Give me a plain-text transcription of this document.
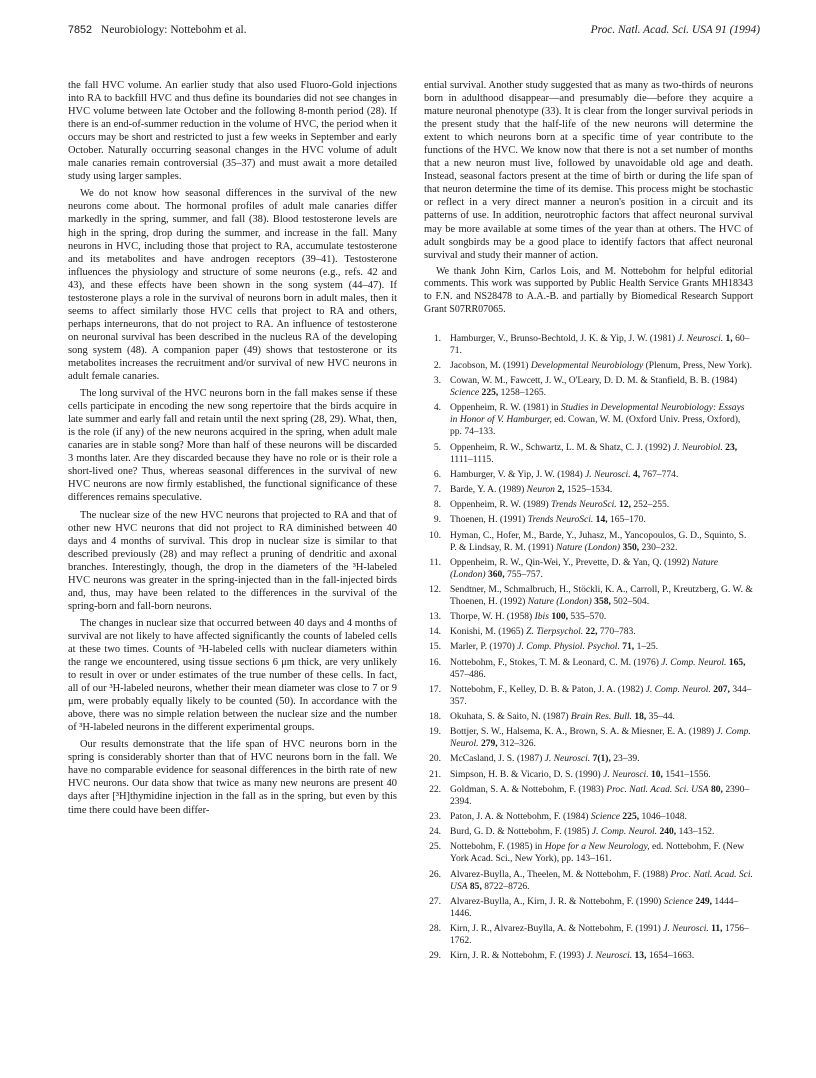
7852 Neurobiology: Nottebohm et al.	Proc. Natl. Acad. Sci. USA 91 (1994)

the fall HVC volume. An earlier study that also used Fluoro-Gold injections into RA to backfill HVC and thus define its boundaries did not see changes in HVC volume between late October and the following 8-month period (28). If there is an end-of-summer reduction in the volume of HVC, the period when it occurs may be short and restricted to just a few weeks in September and early October. Naturally occurring seasonal changes in the HVC volume of adult male canaries remain controversial (35–37) and must await a more detailed study using larger samples.

We do not know how seasonal differences in the survival of the new neurons come about. The hormonal profiles of adult male canaries differ markedly in the spring, summer, and fall (38). Blood testosterone levels are high in the spring, drop during the summer, and increase in the fall. Many neurons in HVC, including those that project to RA, accumulate testosterone and its metabolites and have androgen receptors (39–41). Testosterone influences the physiology and structure of some neurons (e.g., refs. 42 and 43), and these effects have been shown in the song system (44–47). If testosterone plays a role in the survival of neurons born in adult males, then it seems to affect similarly those HVC cells that project to RA and others, perhaps interneurons, that do not project to RA. An influence of testosterone on neuronal survival has been described in the nucleus RA of the developing song system (48). A companion paper (49) shows that testosterone or its metabolites increases the recruitment and/or survival of new HVC neurons in adult female canaries.

The long survival of the HVC neurons born in the fall makes sense if these cells participate in encoding the new song repertoire that the birds acquire in late summer and early fall and retain until the next spring (28, 29). What, then, is the role (if any) of the new neurons acquired in the spring, when adult male canaries are in stable song? More than half of these neurons will be discarded 3 months later. Are they discarded because they have no role or is their role a short-lived one? Thus, whereas seasonal differences in the survival of new HVC neurons are now firmly established, the functional significance of these differences remains speculative.

The nuclear size of the new HVC neurons that projected to RA and that of other new HVC neurons that did not project to RA diminished between 40 days and 4 months of survival. This drop in nuclear size is similar to that described previously (28) and may reflect a pruning of dendritic and axonal branches. Interestingly, though, the drop in the diameters of the ³H-labeled HVC neurons was greater in the spring-injected than in the fall-injected birds and, thus, may have been related to the differences in the survival of the spring-born and fall-born neurons.

The changes in nuclear size that occurred between 40 days and 4 months of survival are not likely to have affected significantly the counts of labeled cells at these two times. Counts of ³H-labeled cells with nuclear diameters within the range we encountered, using tissue sections 6 μm thick, are very unlikely to result in over or under estimates of the true number of these cells. In fact, all of our ³H-labeled neurons, whether their mean diameter was close to 7 or 9 μm, were probably equally likely to be counted (50). In accordance with the above, there was no simple relation between the nuclear size and the number of ³H-labeled neurons in the different experimental groups.

Our results demonstrate that the life span of HVC neurons born in the spring is considerably shorter than that of HVC neurons born in the fall. We have no comparable evidence for seasonal differences in the birth rate of new HVC neurons. Our data show that twice as many new neurons are present 40 days after [³H]thymidine injection in the fall as in the spring, but even by this time there could have been differ-

ential survival. Another study suggested that as many as two-thirds of neurons born in adulthood disappear—and presumably die—before they acquire a mature neuronal phenotype (33). It is clear from the longer survival periods in the present study that the half-life of the new neurons will determine the extent to which neurons born at a specific time of year contribute to the functions of the HVC. We know now that there is not a set number of months that a new neuron must live, followed by unavoidable old age and death. Instead, seasonal factors present at the time of birth or during the life span of that neuron determine the time of its demise. This process might be stochastic or reflect in a very direct manner a neuron's position in a circuit and its patterns of use. In addition, neurotrophic factors that affect neuronal survival may be more available at some times of the year than at others. The HVC of adult songbirds may be a good place to identify factors that affect neuronal survival and study their manner of action.

We thank John Kirn, Carlos Lois, and M. Nottebohm for helpful editorial comments. This work was supported by Public Health Service Grants MH18343 to F.N. and NS28478 to A.A.-B. and partially by Biomedical Research Support Grant S07RR07065.

1. Hamburger, V., Brunso-Bechtold, J. K. & Yip, J. W. (1981) J. Neurosci. 1, 60–71.
2. Jacobson, M. (1991) Developmental Neurobiology (Plenum, Press, New York).
3. Cowan, W. M., Fawcett, J. W., O'Leary, D. D. M. & Stanfield, B. B. (1984) Science 225, 1258–1265.
4. Oppenheim, R. W. (1981) in Studies in Developmental Neurobiology: Essays in Honor of V. Hamburger, ed. Cowan, W. M. (Oxford Univ. Press, Oxford), pp. 74–133.
5. Oppenheim, R. W., Schwartz, L. M. & Shatz, C. J. (1992) J. Neurobiol. 23, 1111–1115.
6. Hamburger, V. & Yip, J. W. (1984) J. Neurosci. 4, 767–774.
7. Barde, Y. A. (1989) Neuron 2, 1525–1534.
8. Oppenheim, R. W. (1989) Trends NeuroSci. 12, 252–255.
9. Thoenen, H. (1991) Trends NeuroSci. 14, 165–170.
10. Hyman, C., Hofer, M., Barde, Y., Juhasz, M., Yancopoulos, G. D., Squinto, S. P. & Lindsay, R. M. (1991) Nature (London) 350, 230–232.
11. Oppenheim, R. W., Qin-Wei, Y., Prevette, D. & Yan, Q. (1992) Nature (London) 360, 755–757.
12. Sendtner, M., Schmalbruch, H., Stöckli, K. A., Carroll, P., Kreutzberg, G. W. & Thoenen, H. (1992) Nature (London) 358, 502–504.
13. Thorpe, W. H. (1958) Ibis 100, 535–570.
14. Konishi, M. (1965) Z. Tierpsychol. 22, 770–783.
15. Marler, P. (1970) J. Comp. Physiol. Psychol. 71, 1–25.
16. Nottebohm, F., Stokes, T. M. & Leonard, C. M. (1976) J. Comp. Neurol. 165, 457–486.
17. Nottebohm, F., Kelley, D. B. & Paton, J. A. (1982) J. Comp. Neurol. 207, 344–357.
18. Okuhata, S. & Saito, N. (1987) Brain Res. Bull. 18, 35–44.
19. Bottjer, S. W., Halsema, K. A., Brown, S. A. & Miesner, E. A. (1989) J. Comp. Neurol. 279, 312–326.
20. McCasland, J. S. (1987) J. Neurosci. 7(1), 23–39.
21. Simpson, H. B. & Vicario, D. S. (1990) J. Neurosci. 10, 1541–1556.
22. Goldman, S. A. & Nottebohm, F. (1983) Proc. Natl. Acad. Sci. USA 80, 2390–2394.
23. Paton, J. A. & Nottebohm, F. (1984) Science 225, 1046–1048.
24. Burd, G. D. & Nottebohm, F. (1985) J. Comp. Neurol. 240, 143–152.
25. Nottebohm, F. (1985) in Hope for a New Neurology, ed. Nottebohm, F. (New York Acad. Sci., New York), pp. 143–161.
26. Alvarez-Buylla, A., Theelen, M. & Nottebohm, F. (1988) Proc. Natl. Acad. Sci. USA 85, 8722–8726.
27. Alvarez-Buylla, A., Kirn, J. R. & Nottebohm, F. (1990) Science 249, 1444–1446.
28. Kirn, J. R., Alvarez-Buylla, A. & Nottebohm, F. (1991) J. Neurosci. 11, 1756–1762.
29. Kirn, J. R. & Nottebohm, F. (1993) J. Neurosci. 13, 1654–1663.
